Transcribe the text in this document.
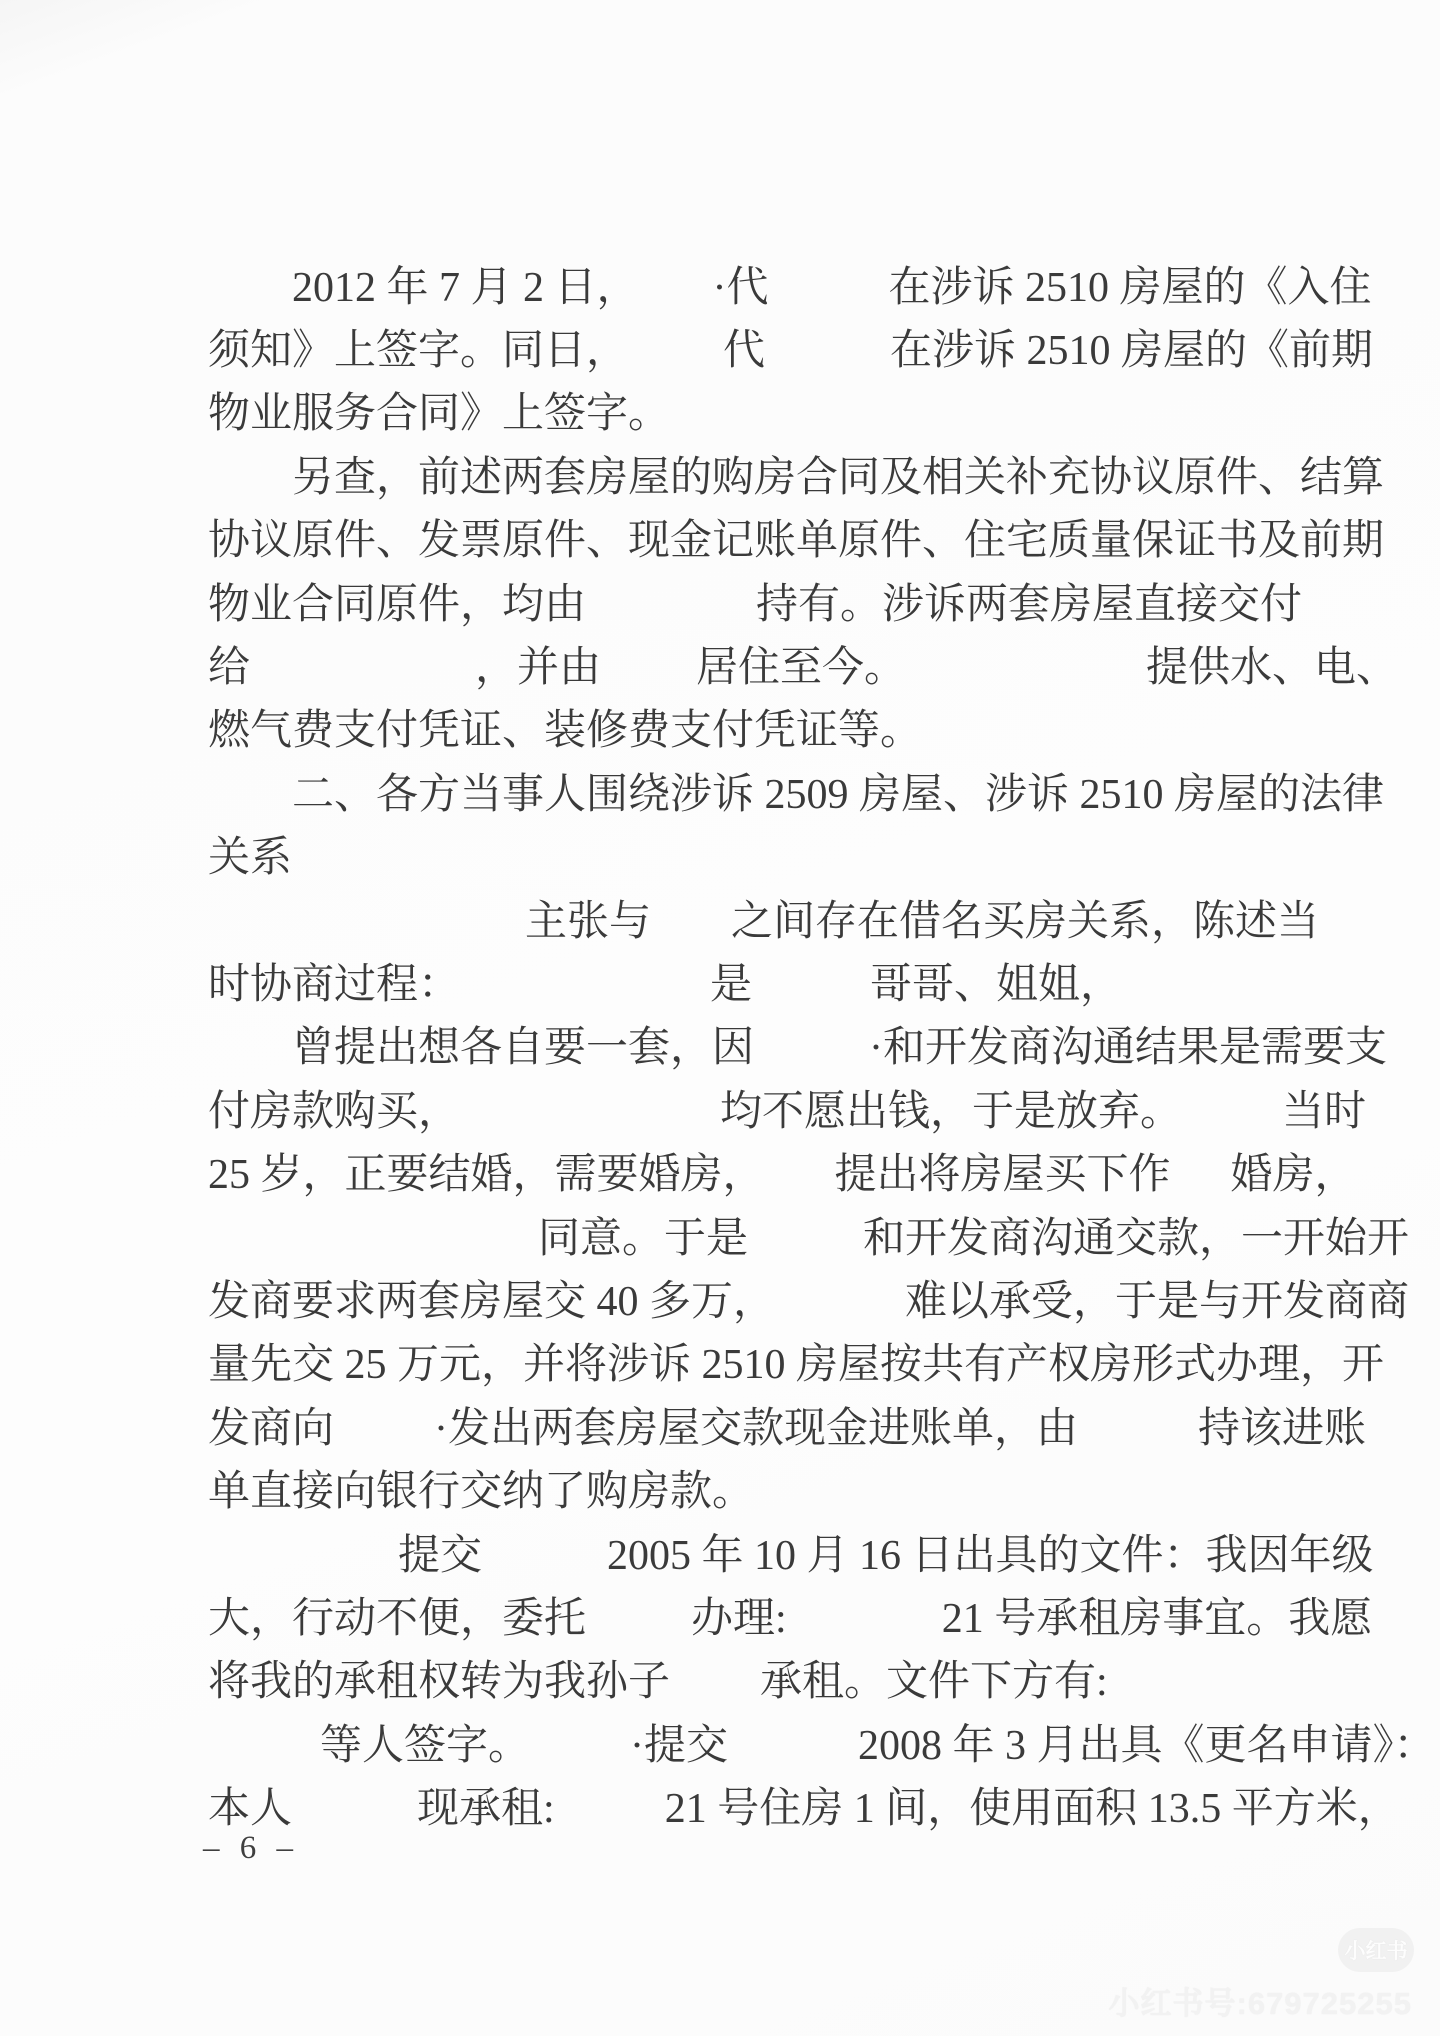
2012 年 7 月 2 日， ·代	在涉诉 2510 房屋的《入住
须知》上签字。同日， 代	在涉诉 2510 房屋的《前期
物业服务合同》上签字。
另查，前述两套房屋的购房合同及相关补充协议原件、结算
协议原件、发票原件、现金记账单原件、住宅质量保证书及前期
物业合同原件，均由	持有。涉诉两套房屋直接交付
给	，并由 居住至今。	提供水、电、
燃气费支付凭证、装修费支付凭证等。
二、各方当事人围绕涉诉 2509 房屋、涉诉 2510 房屋的法律
关系
主张与 之间存在借名买房关系，陈述当
时协商过程：	是	哥哥、姐姐，
曾提出想各自要一套，因	·和开发商沟通结果是需要支
付房款购买，	均不愿出钱，于是放弃。 当时
25 岁，正要结婚，需要婚房， 提出将房屋买下作 婚房，
同意。于是	和开发商沟通交款，一开始开
发商要求两套房屋交 40 多万，	难以承受，于是与开发商商
量先交 25 万元，并将涉诉 2510 房屋按共有产权房形式办理，开
发商向 ·发出两套房屋交款现金进账单，由	持该进账
单直接向银行交纳了购房款。
提交	2005 年 10 月 16 日出具的文件：我因年级
大，行动不便，委托	办理:	21 号承租房事宜。我愿
将我的承租权转为我孙子 承租。文件下方有:
等人签字。 ·提交	2008 年 3 月出具《更名申请》：
本人	现承租:	21 号住房 1 间，使用面积 13.5 平方米，
– 6 –
小红书
小红书号:679725255
